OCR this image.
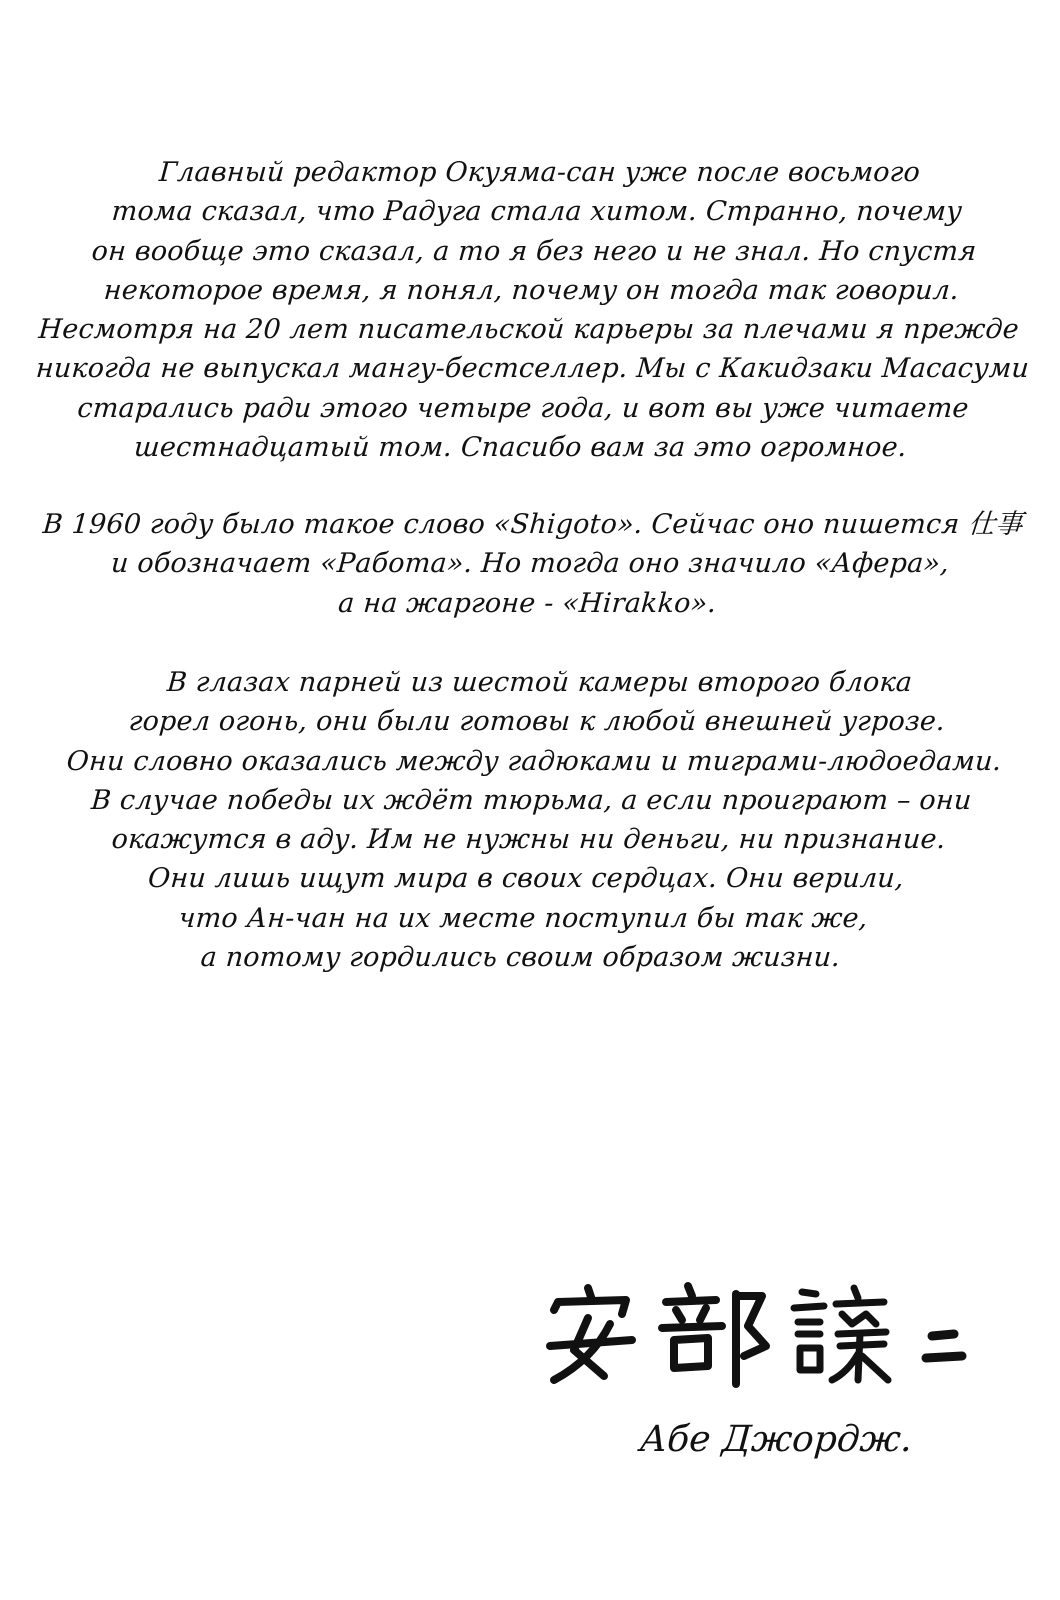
Главный редактор Окуяма-сан уже после восьмого
тома сказал, что Радуга стала хитом. Странно, почему
он вообще это сказал, а то я без него и не знал. Но спустя
некоторое время, я понял, почему он тогда так говорил.
Несмотря на 20 лет писательской карьеры за плечами я прежде
никогда не выпускал мангу-бестселлер. Мы с Какидзаки Масасуми
старались ради этого четыре года, и вот вы уже читаете
шестнадцатый том. Спасибо вам за это огромное.
В 1960 году было такое слово «Shigoto». Сейчас оно пишется 仕事
и обозначает «Работа». Но тогда оно значило «Афера»,
а на жаргоне - «Hirakko».
В глазах парней из шестой камеры второго блока
горел огонь, они были готовы к любой внешней угрозе.
Они словно оказались между гадюками и тиграми-людоедами.
В случае победы их ждёт тюрьма, а если проиграют – они
окажутся в аду. Им не нужны ни деньги, ни признание.
Они лишь ищут мира в своих сердцах. Они верили,
что Ан-чан на их месте поступил бы так же,
а потому гордились своим образом жизни.
Абе Джордж.
